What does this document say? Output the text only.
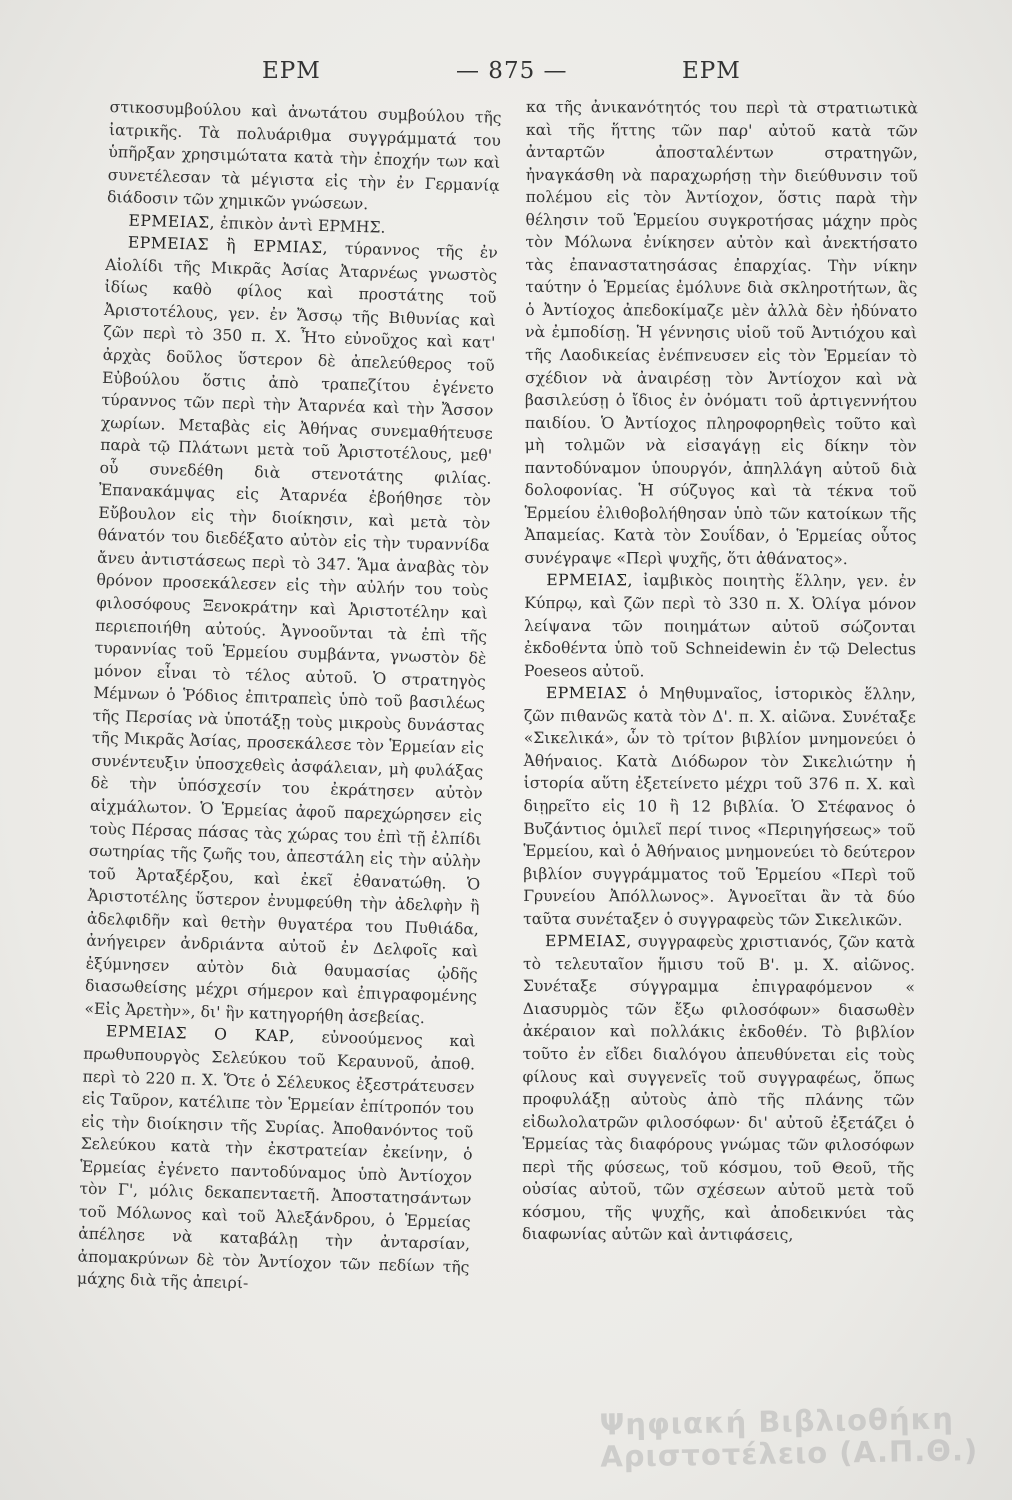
ΕΡΜ	— 875 —	ΕΡΜ

στικοσυμβούλου καὶ ἀνωτάτου συμβούλου τῆς ἰατρικῆς. Τὰ πολυάριθμα συγγράμματά του ὑπῆρξαν χρησιμώτατα κατὰ τὴν ἐποχήν των καὶ συνετέλεσαν τὰ μέγιστα εἰς τὴν ἐν Γερμανίᾳ διάδοσιν τῶν χημικῶν γνώσεων.

ΕΡΜΕΙΑΣ, ἐπικὸν ἀντὶ ΕΡΜΗΣ.

ΕΡΜΕΙΑΣ ἢ ΕΡΜΙΑΣ, τύραννος τῆς ἐν Αἰολίδι τῆς Μικρᾶς Ἀσίας Ἀταρνέως γνωστὸς ἰδίως καθὸ φίλος καὶ προστάτης τοῦ Ἀριστοτέλους, γεν. ἐν Ἄσσῳ τῆς Βιθυνίας καὶ ζῶν περὶ τὸ 350 π. Χ. Ἦτο εὐνοῦχος καὶ κατ' ἀρχὰς δοῦλος ὕστερον δὲ ἀπελεύθερος τοῦ Εὐβούλου ὅστις ἀπὸ τραπεζίτου ἐγένετο τύραννος τῶν περὶ τὴν Ἀταρνέα καὶ τὴν Ἄσσον χωρίων. Μεταβὰς εἰς Ἀθήνας συνεμαθήτευσε παρὰ τῷ Πλάτωνι μετὰ τοῦ Ἀριστοτέλους, μεθ' οὗ συνεδέθη διὰ στενοτάτης φιλίας. Ἐπανακάμψας εἰς Ἀταρνέα ἐβοήθησε τὸν Εὔβουλον εἰς τὴν διοίκησιν, καὶ μετὰ τὸν θάνατόν του διεδέξατο αὐτὸν εἰς τὴν τυραννίδα ἄνευ ἀντιστάσεως περὶ τὸ 347. Ἅμα ἀναβὰς τὸν θρόνον προσεκάλεσεν εἰς τὴν αὐλήν του τοὺς φιλοσόφους Ξενοκράτην καὶ Ἀριστοτέλην καὶ περιεποιήθη αὐτούς. Ἀγνοοῦνται τὰ ἐπὶ τῆς τυραννίας τοῦ Ἑρμείου συμβάντα, γνωστὸν δὲ μόνον εἶναι τὸ τέλος αὐτοῦ. Ὁ στρατηγὸς Μέμνων ὁ Ῥόδιος ἐπιτραπεὶς ὑπὸ τοῦ βασιλέως τῆς Περσίας νὰ ὑποτάξῃ τοὺς μικροὺς δυνάστας τῆς Μικρᾶς Ἀσίας, προσεκάλεσε τὸν Ἑρμείαν εἰς συνέντευξιν ὑποσχεθεὶς ἀσφάλειαν, μὴ φυλάξας δὲ τὴν ὑπόσχεσίν του ἐκράτησεν αὐτὸν αἰχμάλωτον. Ὁ Ἑρμείας ἀφοῦ παρεχώρησεν εἰς τοὺς Πέρσας πάσας τὰς χώρας του ἐπὶ τῇ ἐλπίδι σωτηρίας τῆς ζωῆς του, ἀπεστάλη εἰς τὴν αὐλὴν τοῦ Ἀρταξέρξου, καὶ ἐκεῖ ἐθανατώθη. Ὁ Ἀριστοτέλης ὕστερον ἐνυμφεύθη τὴν ἀδελφὴν ἢ ἀδελφιδῆν καὶ θετὴν θυγατέρα του Πυθιάδα, ἀνήγειρεν ἀνδριάντα αὐτοῦ ἐν Δελφοῖς καὶ ἐξύμνησεν αὐτὸν διὰ θαυμασίας ᾠδῆς διασωθείσης μέχρι σήμερον καὶ ἐπιγραφομένης «Εἰς Ἀρετὴν», δι' ἣν κατηγορήθη ἀσεβείας.

ΕΡΜΕΙΑΣ Ο ΚΑΡ, εὐνοούμενος καὶ πρωθυπουργὸς Σελεύκου τοῦ Κεραυνοῦ, ἀποθ. περὶ τὸ 220 π. Χ. Ὅτε ὁ Σέλευκος ἐξεστράτευσεν εἰς Ταῦρον, κατέλιπε τὸν Ἑρμείαν ἐπίτροπόν του εἰς τὴν διοίκησιν τῆς Συρίας. Ἀποθανόντος τοῦ Σελεύκου κατὰ τὴν ἐκστρατείαν ἐκείνην, ὁ Ἑρμείας ἐγένετο παντοδύναμος ὑπὸ Ἀντίοχον τὸν Γ', μόλις δεκαπενταετῆ. Ἀποστατησάντων τοῦ Μόλωνος καὶ τοῦ Ἀλεξάνδρου, ὁ Ἑρμείας ἀπέλησε νὰ καταβάλῃ τὴν ἀνταρσίαν, ἀπομακρύνων δὲ τὸν Ἀντίοχον τῶν πεδίων τῆς μάχης διὰ τῆς ἀπειρί-

κα τῆς ἀνικανότητός του περὶ τὰ στρατιωτικὰ καὶ τῆς ἥττης τῶν παρ' αὐτοῦ κατὰ τῶν ἀνταρτῶν ἀποσταλέντων στρατηγῶν, ἠναγκάσθη νὰ παραχωρήσῃ τὴν διεύθυνσιν τοῦ πολέμου εἰς τὸν Ἀντίοχον, ὅστις παρὰ τὴν θέλησιν τοῦ Ἑρμείου συγκροτήσας μάχην πρὸς τὸν Μόλωνα ἐνίκησεν αὐτὸν καὶ ἀνεκτήσατο τὰς ἐπαναστατησάσας ἐπαρχίας. Τὴν νίκην ταύτην ὁ Ἑρμείας ἐμόλυνε διὰ σκληροτήτων, ἃς ὁ Ἀντίοχος ἀπεδοκίμαζε μὲν ἀλλὰ δὲν ἠδύνατο νὰ ἐμποδίσῃ. Ἡ γέννησις υἱοῦ τοῦ Ἀντιόχου καὶ τῆς Λαοδικείας ἐνέπνευσεν εἰς τὸν Ἑρμείαν τὸ σχέδιον νὰ ἀναιρέσῃ τὸν Ἀντίοχον καὶ νὰ βασιλεύσῃ ὁ ἴδιος ἐν ὀνόματι τοῦ ἀρτιγεννήτου παιδίου. Ὁ Ἀντίοχος πληροφορηθεὶς τοῦτο καὶ μὴ τολμῶν νὰ εἰσαγάγῃ εἰς δίκην τὸν παντοδύναμον ὑπουργόν, ἀπηλλάγη αὐτοῦ διὰ δολοφονίας. Ἡ σύζυγος καὶ τὰ τέκνα τοῦ Ἑρμείου ἐλιθοβολήθησαν ὑπὸ τῶν κατοίκων τῆς Ἀπαμείας. Κατὰ τὸν Σουΐδαν, ὁ Ἑρμείας οὗτος συνέγραψε «Περὶ ψυχῆς, ὅτι ἀθάνατος».

ΕΡΜΕΙΑΣ, ἰαμβικὸς ποιητὴς ἕλλην, γεν. ἐν Κύπρῳ, καὶ ζῶν περὶ τὸ 330 π. Χ. Ὀλίγα μόνον λείψανα τῶν ποιημάτων αὐτοῦ σώζονται ἐκδοθέντα ὑπὸ τοῦ Schneidewin ἐν τῷ Delectus Poeseos αὐτοῦ.

ΕΡΜΕΙΑΣ ὁ Μηθυμναῖος, ἱστορικὸς ἕλλην, ζῶν πιθανῶς κατὰ τὸν Δ'. π. Χ. αἰῶνα. Συνέταξε «Σικελικά», ὧν τὸ τρίτον βιβλίον μνημονεύει ὁ Ἀθήναιος. Κατὰ Διόδωρον τὸν Σικελιώτην ἡ ἱστορία αὕτη ἐξετείνετο μέχρι τοῦ 376 π. Χ. καὶ διῃρεῖτο εἰς 10 ἢ 12 βιβλία. Ὁ Στέφανος ὁ Βυζάντιος ὁμιλεῖ περί τινος «Περιηγήσεως» τοῦ Ἑρμείου, καὶ ὁ Ἀθήναιος μνημονεύει τὸ δεύτερον βιβλίον συγγράμματος τοῦ Ἑρμείου «Περὶ τοῦ Γρυνείου Ἀπόλλωνος». Ἀγνοεῖται ἂν τὰ δύο ταῦτα συνέταξεν ὁ συγγραφεὺς τῶν Σικελικῶν.

ΕΡΜΕΙΑΣ, συγγραφεὺς χριστιανός, ζῶν κατὰ τὸ τελευταῖον ἥμισυ τοῦ Β'. μ. Χ. αἰῶνος. Συνέταξε σύγγραμμα ἐπιγραφόμενον « Διασυρμὸς τῶν ἔξω φιλοσόφων» διασωθὲν ἀκέραιον καὶ πολλάκις ἐκδοθέν. Τὸ βιβλίον τοῦτο ἐν εἴδει διαλόγου ἀπευθύνεται εἰς τοὺς φίλους καὶ συγγενεῖς τοῦ συγγραφέως, ὅπως προφυλάξῃ αὐτοὺς ἀπὸ τῆς πλάνης τῶν εἰδωλολατρῶν φιλοσόφων· δι' αὐτοῦ ἐξετάζει ὁ Ἑρμείας τὰς διαφόρους γνώμας τῶν φιλοσόφων περὶ τῆς φύσεως, τοῦ κόσμου, τοῦ Θεοῦ, τῆς οὐσίας αὐτοῦ, τῶν σχέσεων αὐτοῦ μετὰ τοῦ κόσμου, τῆς ψυχῆς, καὶ ἀποδεικνύει τὰς διαφωνίας αὐτῶν καὶ ἀντιφάσεις,

Ψηφιακή Βιβλιοθήκη
Αριστοτέλειο (Α.Π.Θ.)
